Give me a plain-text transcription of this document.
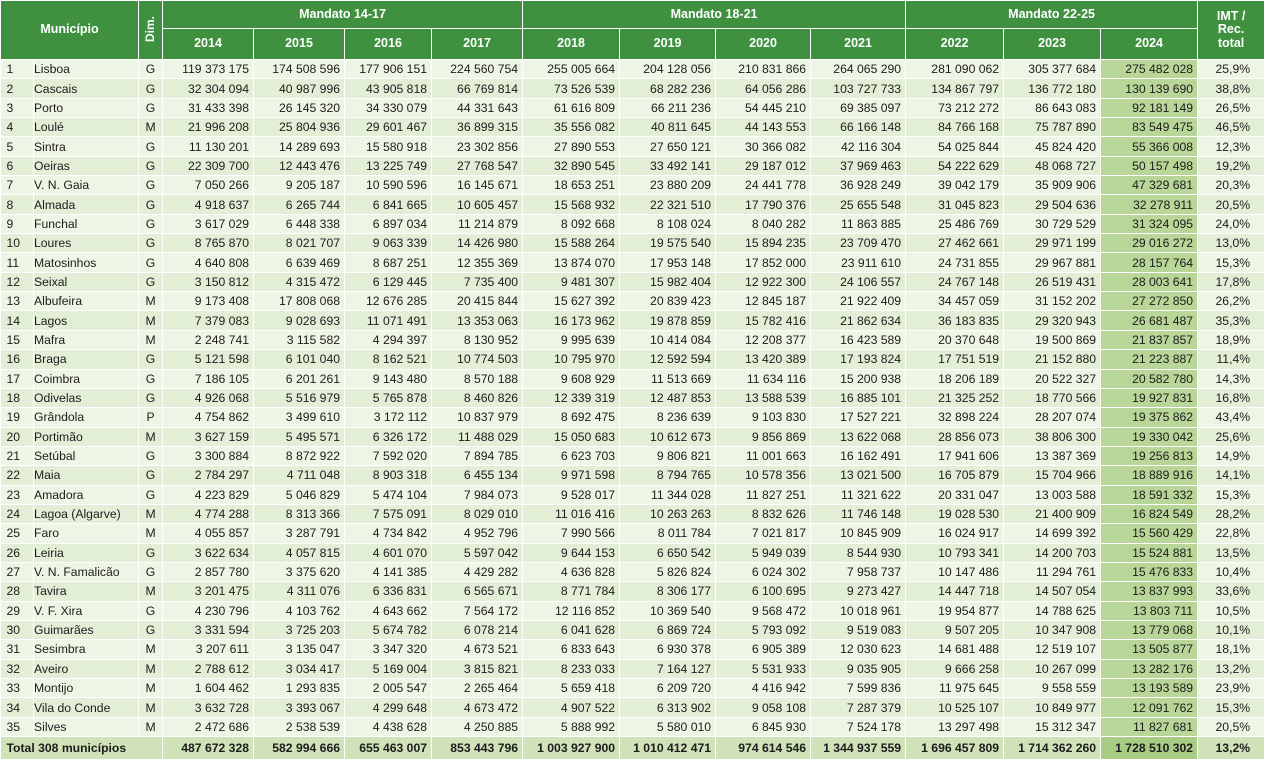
Município		Dim.	Mandato 14-17				Mandato 18-21				Mandato 22-25			IMT /
Rec.
total
			2014	2015	2016	2017	2018	2019	2020	2021	2022	2023	2024	
1	Lisboa	G	119 373 175	174 508 596	177 906 151	224 560 754	255 005 664	204 128 056	210 831 866	264 065 290	281 090 062	305 377 684	275 482 028	25,9%
2	Cascais	G	32 304 094	40 987 996	43 905 818	66 769 814	73 526 539	68 282 236	64 056 286	103 727 733	134 867 797	136 772 180	130 139 690	38,8%
3	Porto	G	31 433 398	26 145 320	34 330 079	44 331 643	61 616 809	66 211 236	54 445 210	69 385 097	73 212 272	86 643 083	92 181 149	26,5%
4	Loulé	M	21 996 208	25 804 936	29 601 467	36 899 315	35 556 082	40 811 645	44 143 553	66 166 148	84 766 168	75 787 890	83 549 475	46,5%
5	Sintra	G	11 130 201	14 289 693	15 580 918	23 302 856	27 890 553	27 650 121	30 366 082	42 116 304	54 025 844	45 824 420	55 366 008	12,3%
6	Oeiras	G	22 309 700	12 443 476	13 225 749	27 768 547	32 890 545	33 492 141	29 187 012	37 969 463	54 222 629	48 068 727	50 157 498	19,2%
7	V. N. Gaia	G	7 050 266	9 205 187	10 590 596	16 145 671	18 653 251	23 880 209	24 441 778	36 928 249	39 042 179	35 909 906	47 329 681	20,3%
8	Almada	G	4 918 637	6 265 744	6 841 665	10 605 457	15 568 932	22 321 510	17 790 376	25 655 548	31 045 823	29 504 636	32 278 911	20,5%
9	Funchal	G	3 617 029	6 448 338	6 897 034	11 214 879	8 092 668	8 108 024	8 040 282	11 863 885	25 486 769	30 729 529	31 324 095	24,0%
10	Loures	G	8 765 870	8 021 707	9 063 339	14 426 980	15 588 264	19 575 540	15 894 235	23 709 470	27 462 661	29 971 199	29 016 272	13,0%
11	Matosinhos	G	4 640 808	6 639 469	8 687 251	12 355 369	13 874 070	17 953 148	17 852 000	23 911 610	24 731 855	29 967 881	28 157 764	15,3%
12	Seixal	G	3 150 812	4 315 472	6 129 445	7 735 400	9 481 307	15 982 404	12 922 300	24 106 557	24 767 148	26 519 431	28 003 641	17,8%
13	Albufeira	M	9 173 408	17 808 068	12 676 285	20 415 844	15 627 392	20 839 423	12 845 187	21 922 409	34 457 059	31 152 202	27 272 850	26,2%
14	Lagos	M	7 379 083	9 028 693	11 071 491	13 353 063	16 173 962	19 878 859	15 782 416	21 862 634	36 183 835	29 320 943	26 681 487	35,3%
15	Mafra	M	2 248 741	3 115 582	4 294 397	8 130 952	9 995 639	10 414 084	12 208 377	16 423 589	20 370 648	19 500 869	21 837 857	18,9%
16	Braga	G	5 121 598	6 101 040	8 162 521	10 774 503	10 795 970	12 592 594	13 420 389	17 193 824	17 751 519	21 152 880	21 223 887	11,4%
17	Coimbra	G	7 186 105	6 201 261	9 143 480	8 570 188	9 608 929	11 513 669	11 634 116	15 200 938	18 206 189	20 522 327	20 582 780	14,3%
18	Odivelas	G	4 926 068	5 516 979	5 765 878	8 460 826	12 339 319	12 487 853	13 588 539	16 885 101	21 325 252	18 770 566	19 927 831	16,8%
19	Grândola	P	4 754 862	3 499 610	3 172 112	10 837 979	8 692 475	8 236 639	9 103 830	17 527 221	32 898 224	28 207 074	19 375 862	43,4%
20	Portimão	M	3 627 159	5 495 571	6 326 172	11 488 029	15 050 683	10 612 673	9 856 869	13 622 068	28 856 073	38 806 300	19 330 042	25,6%
21	Setúbal	G	3 300 884	8 872 922	7 592 020	7 894 785	6 623 703	9 806 821	11 001 663	16 162 491	17 941 606	13 387 369	19 256 813	14,9%
22	Maia	G	2 784 297	4 711 048	8 903 318	6 455 134	9 971 598	8 794 765	10 578 356	13 021 500	16 705 879	15 704 966	18 889 916	14,1%
23	Amadora	G	4 223 829	5 046 829	5 474 104	7 984 073	9 528 017	11 344 028	11 827 251	11 321 622	20 331 047	13 003 588	18 591 332	15,3%
24	Lagoa (Algarve)	M	4 774 288	8 313 366	7 575 091	8 029 010	11 016 416	10 263 263	8 832 626	11 746 148	19 028 530	21 400 909	16 824 549	28,2%
25	Faro	M	4 055 857	3 287 791	4 734 842	4 952 796	7 990 566	8 011 784	7 021 817	10 845 909	16 024 917	14 699 392	15 560 429	22,8%
26	Leiria	G	3 622 634	4 057 815	4 601 070	5 597 042	9 644 153	6 650 542	5 949 039	8 544 930	10 793 341	14 200 703	15 524 881	13,5%
27	V. N. Famalicão	G	2 857 780	3 375 620	4 141 385	4 429 282	4 636 828	5 826 824	6 024 302	7 958 737	10 147 486	11 294 761	15 476 833	10,4%
28	Tavira	M	3 201 475	4 311 076	6 336 831	6 565 671	8 771 784	8 306 177	6 100 695	9 273 427	14 447 718	14 507 054	13 837 993	33,6%
29	V. F. Xira	G	4 230 796	4 103 762	4 643 662	7 564 172	12 116 852	10 369 540	9 568 472	10 018 961	19 954 877	14 788 625	13 803 711	10,5%
30	Guimarães	G	3 331 594	3 725 203	5 674 782	6 078 214	6 041 628	6 869 724	5 793 092	9 519 083	9 507 205	10 347 908	13 779 068	10,1%
31	Sesimbra	M	3 207 611	3 135 047	3 347 320	4 673 521	6 833 643	6 930 378	6 905 389	12 030 623	14 681 488	12 519 107	13 505 877	18,1%
32	Aveiro	M	2 788 612	3 034 417	5 169 004	3 815 821	8 233 033	7 164 127	5 531 933	9 035 905	9 666 258	10 267 099	13 282 176	13,2%
33	Montijo	M	1 604 462	1 293 835	2 005 547	2 265 464	5 659 418	6 209 720	4 416 942	7 599 836	11 975 645	9 558 559	13 193 589	23,9%
34	Vila do Conde	M	3 632 728	3 393 067	4 299 648	4 673 472	4 907 522	6 313 902	9 058 108	7 287 379	10 525 107	10 849 977	12 091 762	15,3%
35	Silves	M	2 472 686	2 538 539	4 438 628	4 250 885	5 888 992	5 580 010	6 845 930	7 524 178	13 297 498	15 312 347	11 827 681	20,5%
Total 308 municípios			487 672 328	582 994 666	655 463 007	853 443 796	1 003 927 900	1 010 412 471	974 614 546	1 344 937 559	1 696 457 809	1 714 362 260	1 728 510 302	13,2%
